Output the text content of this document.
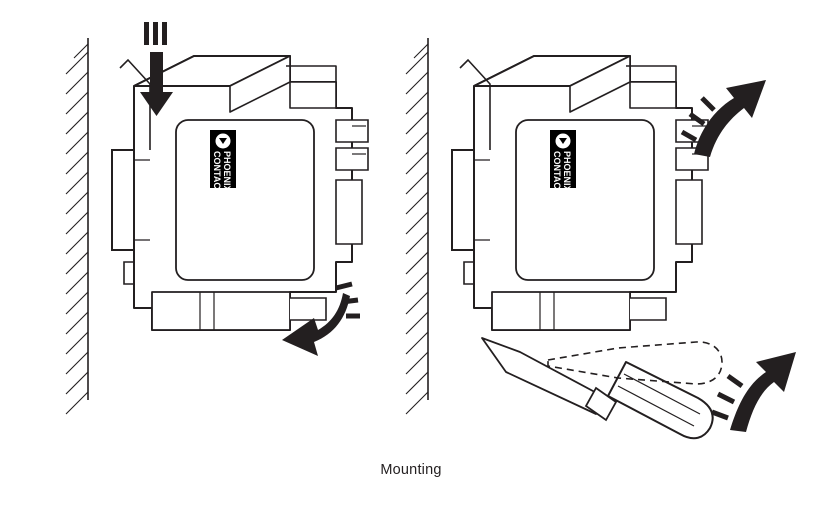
PHOENIX
CONTACT	PHOENIX
CONTACT
Mounting
